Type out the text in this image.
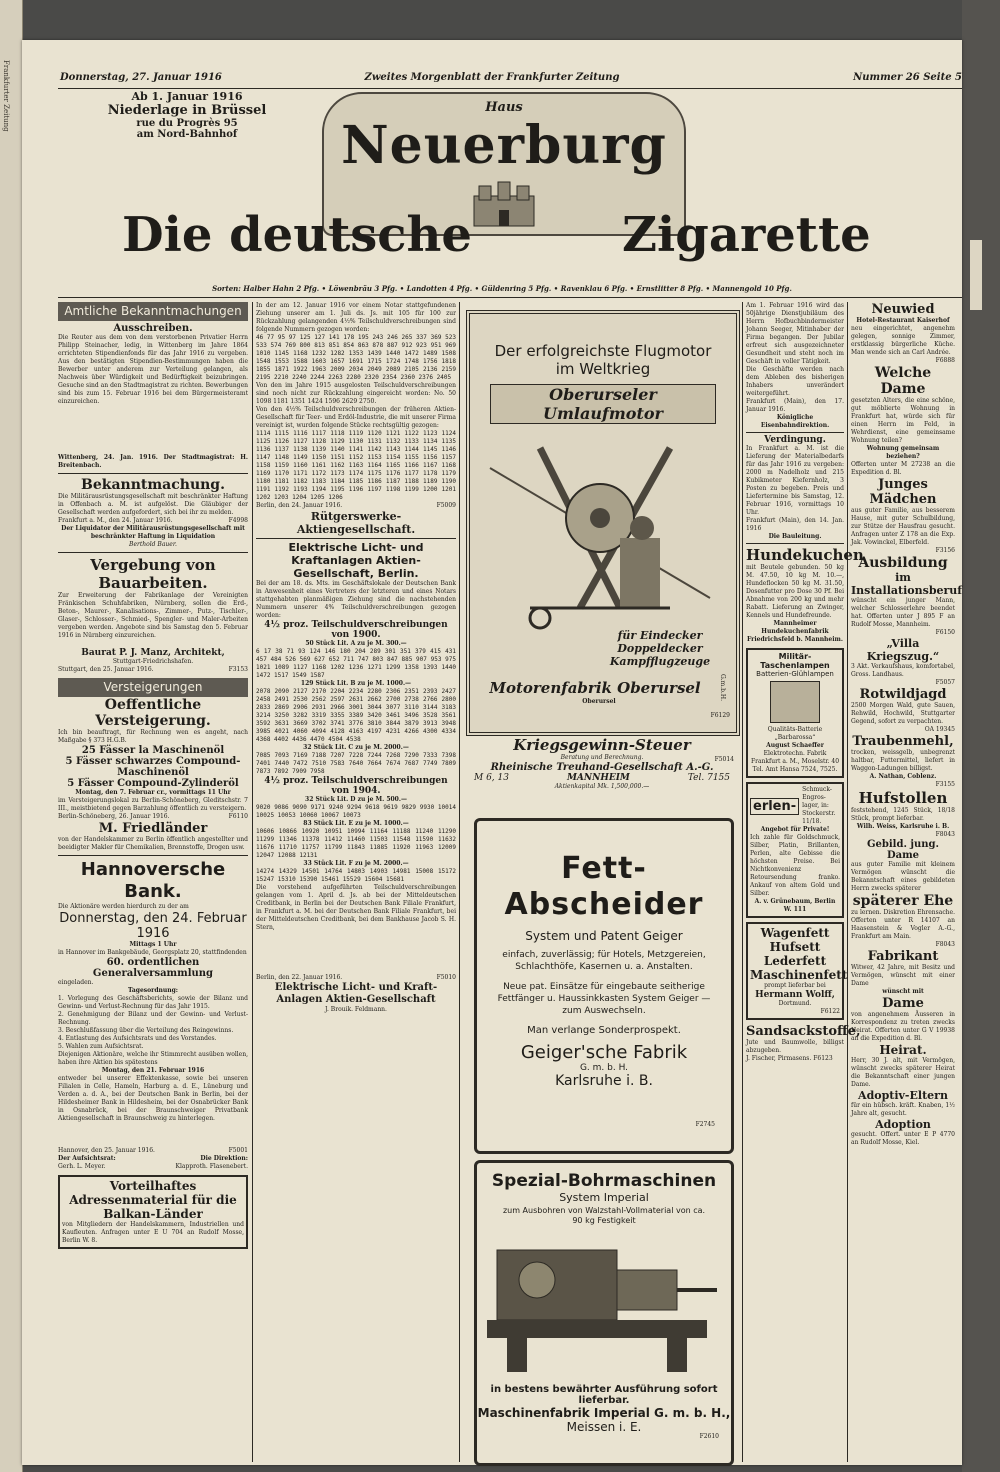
Frankfurter Zeitung	Donnerstag, 27. Januar 1916	Zweites Morgenblatt der Frankfurter Zeitung	Nummer 26 Seite 5
Ab 1. Januar 1916
Niederlage in Brüssel
rue du Progrès 95
am Nord-Bahnhof
Haus
Neuerburg
Die deutsche	Zigarette
Sorten: Halber Hahn 2 Pfg. • Löwenbräu 3 Pfg. • Landotten 4 Pfg. • Güldenring 5 Pfg. • Ravenklau 6 Pfg. • Ernstlitter 8 Pfg. • Mannengold 10 Pfg.
Amtliche Bekanntmachungen
Ausschreiben.
Die Reuter aus dem von dem verstorbenen Privatier Herrn Philipp Steinacher, ledig, in Wittenberg im Jahre 1864 errichteten Stipendienfonds für das Jahr 1916 zu vergeben. Aus den bestätigten Stipendien-Bestimmungen haben die Bewerber unter anderem zur Verteilung gelangen, als Nachweis über Würdigkeit und Bedürftigkeit beizubringen. Gesuche sind an den Stadtmagistrat zu richten. Bewerbungen sind bis zum 15. Februar 1916 bei dem Bürgermeisteramt einzureichen.
Wittenberg, 24. Jan. 1916. Der Stadtmagistrat: H. Breitenbach.
Bekanntmachung.
Die Militärausrüstungsgesellschaft mit beschränkter Haftung in Offenbach a. M. ist aufgelöst. Die Gläubiger der Gesellschaft werden aufgefordert, sich bei ihr zu melden.
Frankfurt a. M., den 24. Januar 1916.	F4998
Der Liquidator der Militärausrüstungsgesellschaft mit beschränkter Haftung in Liquidation
Berthold Bauer.
Vergebung von Bauarbeiten.
Zur Erweiterung der Fabrikanlage der Vereinigten Fränkischen Schuhfabriken, Nürnberg, sollen die Erd-, Beton-, Maurer-, Kanalisations-, Zimmer-, Putz-, Tischler-, Glaser-, Schlosser-, Schmied-, Spengler- und Maler-Arbeiten vergeben werden. Angebote sind bis Samstag den 5. Februar 1916 in Nürnberg einzureichen.
Baurat P. J. Manz, Architekt,
Stuttgart-Friedrichshafen.
Stuttgart, den 25. Januar 1916.	F3153
Versteigerungen
Oeffentliche Versteigerung.
Ich bin beauftragt, für Rechnung wen es angeht, nach Maßgabe § 373 H.G.B.
25 Fässer la Maschinenöl
5 Fässer schwarzes Compound-Maschinenöl
5 Fässer Compound-Zylinderöl
Montag, den 7. Februar cr., vormittags 11 Uhr
im Versteigerungslokal zu Berlin-Schöneberg, Gleditschstr. 7 III., meistbietend gegen Barzahlung öffentlich zu versteigern.
Berlin-Schöneberg, 26. Januar 1916.	F6110
M. Friedländer
von der Handelskammer zu Berlin öffentlich angestellter und beeidigter Makler für Chemikalien, Brennstoffe, Drogen usw.
Hannoversche Bank.
Die Aktionäre werden hierdurch zu der am
Donnerstag, den 24. Februar 1916
Mittags 1 Uhr
in Hannover im Bankgebäude, Georgsplatz 20, stattfindenden
60. ordentlichen Generalversammlung
eingeladen.
Tagesordnung:
1. Vorlegung des Geschäftsberichts, sowie der Bilanz und Gewinn- und Verlust-Rechnung für das Jahr 1915.
2. Genehmigung der Bilanz und der Gewinn- und Verlust-Rechnung.
3. Beschlußfassung über die Verteilung des Reingewinns.
4. Entlastung des Aufsichtsrats und des Vorstandes.
5. Wahlen zum Aufsichtsrat.
Diejenigen Aktionäre, welche ihr Stimmrecht ausüben wollen, haben ihre Aktien bis spätestens
Montag, den 21. Februar 1916
entweder bei unserer Effektenkasse, sowie bei unseren Filialen in Celle, Hameln, Harburg a. d. E., Lüneburg und Verden a. d. A., bei der Deutschen Bank in Berlin, bei der Hildesheimer Bank in Hildesheim, bei der Osnabrücker Bank in Osnabrück, bei der Braunschweiger Privatbank Aktiengesellschaft in Braunschweig zu hinterlegen.
Hannover, den 25. Januar 1916.	F5001
Der Aufsichtsrat:	Die Direktion:
Gerh. L. Meyer.	Klapproth. Flasenebert.
Vorteilhaftes Adressenmaterial für die Balkan-Länder
von Mitgliedern der Handelskammern, Industriellen und Kaufleuten. Anfragen unter E U 704 an Rudolf Mosse, Berlin W. 8.
In der am 12. Januar 1916 vor einem Notar stattgefundenen Ziehung unserer am 1. Juli ds. Js. mit 105 für 100 zur Rückzahlung gelangenden 4½% Teilschuldverschreibungen sind folgende Nummern gezogen worden:
46 77 95 97 125 127 141 178 195 243 246 265 337 369 523 533 574 769 800 813 851 854 863 878 887 912 923 951 969 1010 1145 1168 1232 1282 1353 1439 1440 1472 1489 1508 1548 1553 1588 1603 1657 1691 1715 1724 1748 1756 1818 1855 1871 1922 1963 2009 2034 2049 2089 2105 2136 2159 2195 2210 2240 2244 2263 2280 2320 2354 2360 2376 2405
Von den im Jahre 1915 ausgelosten Teilschuldverschreibungen sind noch nicht zur Rückzahlung eingereicht worden: No. 50 1098 1181 1351 1424 1596 2629 2750.
Von den 4½% Teilschuldverschreibungen der früheren Aktien-Gesellschaft für Teer- und Erdöl-Industrie, die mit unserer Firma vereinigt ist, wurden folgende Stücke rechtsgültig gezogen:
1114 1115 1116 1117 1118 1119 1120 1121 1122 1123 1124 1125 1126 1127 1128 1129 1130 1131 1132 1133 1134 1135 1136 1137 1138 1139 1140 1141 1142 1143 1144 1145 1146 1147 1148 1149 1150 1151 1152 1153 1154 1155 1156 1157 1158 1159 1160 1161 1162 1163 1164 1165 1166 1167 1168 1169 1170 1171 1172 1173 1174 1175 1176 1177 1178 1179 1180 1181 1182 1183 1184 1185 1186 1187 1188 1189 1190 1191 1192 1193 1194 1195 1196 1197 1198 1199 1200 1201 1202 1203 1204 1205 1206
Berlin, den 24. Januar 1916.	F5009
Rütgerswerke-Aktiengesellschaft.
Elektrische Licht- und Kraftanlagen Aktien-Gesellschaft, Berlin.
Bei der am 18. ds. Mts. im Geschäftslokale der Deutschen Bank in Anwesenheit eines Vertreters der letzteren und eines Notars stattgehabten planmäßigen Ziehung sind die nachstehenden Nummern unserer 4% Teilschuldverschreibungen gezogen worden:
4½ proz. Teilschuldverschreibungen von 1900.
50 Stück Lit. A zu je M. 300.—
6 17 38 71 93 124 146 180 204 289 301 351 379 415 431 457 484 526 569 627 652 711 747 803 847 885 907 953 975 1021 1089 1127 1168 1202 1236 1271 1299 1358 1393 1440 1472 1517 1549 1587
129 Stück Lit. B zu je M. 1000.—
2078 2090 2127 2170 2204 2234 2280 2306 2351 2393 2427 2458 2491 2530 2562 2597 2631 2662 2700 2738 2766 2800 2833 2869 2906 2931 2966 3001 3044 3077 3110 3144 3183 3214 3250 3282 3319 3355 3389 3420 3461 3496 3528 3561 3592 3631 3669 3702 3741 3776 3810 3844 3879 3913 3948 3985 4021 4060 4094 4128 4163 4197 4231 4266 4300 4334 4368 4402 4436 4470 4504 4538
32 Stück Lit. C zu je M. 2000.—
7085 7093 7169 7188 7207 7228 7244 7268 7290 7333 7398 7401 7440 7472 7510 7583 7640 7664 7674 7687 7749 7809 7873 7892 7909 7958
4½ proz. Teilschuldverschreibungen von 1904.
32 Stück Lit. D zu je M. 500.—
9020 9086 9090 9171 9240 9294 9618 9619 9829 9930 10014 10025 10053 10060 10067 10073
83 Stück Lit. E zu je M. 1000.—
10606 10866 10920 10951 10994 11164 11188 11240 11290 11299 11346 11378 11412 11460 11503 11548 11590 11632 11676 11710 11757 11799 11843 11885 11920 11963 12009 12047 12088 12131
33 Stück Lit. F zu je M. 2000.—
14274 14329 14501 14764 14803 14903 14981 15008 15172 15247 15310 15390 15461 15529 15604 15681
Die vorstehend aufgeführten Teilschuldverschreibungen gelangen vom 1. April d. Js. ab bei der Mitteldeutschen Creditbank, in Berlin bei der Deutschen Bank Filiale Frankfurt, in Frankfurt a. M. bei der Deutschen Bank Filiale Frankfurt, bei der Mitteldeutschen Creditbank, bei dem Bankhause Jacob S. H. Stern,
Berlin, den 22. Januar 1916.	F5010
Elektrische Licht- und Kraft-Anlagen Aktien-Gesellschaft
J. Brouik. Feldmann.
Der erfolgreichste Flugmotor
im Weltkrieg
Oberurseler Umlaufmotor
für Eindecker
Doppeldecker
Kampfflugzeuge
Motorenfabrik Oberursel	G.m.b.H.
Oberursel
F6129
Kriegsgewinn-Steuer
Beratung und Berechnung.	F5014
Rheinische Treuhand-Gesellschaft A.-G.
M 6, 13	MANNHEIM	Tel. 7155
Aktienkapital Mk. 1,500,000.—
Fett-Abscheider
System und Patent Geiger
einfach, zuverlässig; für Hotels, Metzgereien, Schlachthöfe, Kasernen u. a. Anstalten.
Neue pat. Einsätze für eingebaute seitherige Fettfänger u. Haussinkkasten System Geiger — zum Auswechseln.
Man verlange Sonderprospekt.
Geiger'sche Fabrik
G. m. b. H.
Karlsruhe i. B.
F2745
Spezial-Bohrmaschinen
System Imperial
zum Ausbohren von Walzstahl-Vollmaterial von ca. 90 kg Festigkeit
in bestens bewährter Ausführung sofort lieferbar.
Maschinenfabrik Imperial G. m. b. H.,
Meissen i. E.
F2610
Am 1. Februar 1916 wird das 50jährige Dienstjubiläum des Herrn Hofbuchbindermeister Johann Seeger, Mitinhaber der Firma begangen. Der Jubilar erfreut sich ausgezeichneter Gesundheit und steht noch im Geschäft in voller Tätigkeit.
Die Geschäfte werden nach dem Ableben des bisherigen Inhabers unverändert weitergeführt.
Frankfurt (Main), den 17. Januar 1916.
Königliche Eisenbahndirektion.
Verdingung.
In Frankfurt a. M. ist die Lieferung der Materialbedarfs für das Jahr 1916 zu vergeben: 2000 m Nadelholz und 215 Kubikmeter Kiefernholz, 3 Posten zu begeben. Preis und Liefertermine bis Samstag, 12. Februar 1916, vormittags 10 Uhr.
Frankfurt (Main), den 14. Jan. 1916
Die Bauleitung.
Hundekuchen
mit Beutele gebunden. 50 kg M. 47.50, 10 kg M. 10.—, Hundeflocken 50 kg M. 31.50, Dosenfutter pro Dose 30 Pf. Bei Abnahme von 200 kg und mehr Rabatt. Lieferung an Zwinger, Kennels und Hundefreunde.
Mannheimer Hundekuchenfabrik Friedrichsfeld b. Mannheim.
Militär-Taschenlampen
Batterien-Glühlampen
Qualitäts-Batterie „Barbarossa“
August Schaeffer
Elektrotechn. Fabrik Frankfurt a. M., Moselstr. 40
Tel. Amt Hansa 7524, 7525.
erlen-
Schmuck-Engros-lager, in: Stockerstr. 11/18.
Angebot für Private!
Ich zahle für Goldschmuck, Silber, Platin, Brillanten, Perlen, alte Gebisse die höchsten Preise. Bei Nichtkonvenienz Retoursendung franko. Ankauf von altem Gold und Silber.
A. v. Grünebaum, Berlin W. 111
Wagenfett
Hufsett
Lederfett
Maschinenfett
prompt lieferbar bei
Hermann Wolff,
Dortmund.
F6122
Sandsackstoffe,
Jute und Baumwolle, billigst abzugeben.
J. Fischer, Pirmasens. F6123
Neuwied
Hotel-Restaurant Kaiserhof
neu eingerichtet, angenehm gelegen, sonnige Zimmer, erstklassig bürgerliche Küche. Man wende sich an Carl Andrée.
F6888
Welche Dame
gesetzten Alters, die eine schöne, gut möblierte Wohnung in Frankfurt hat, würde sich für einen Herrn im Feld, in Wehrdienst, eine gemeinsame Wohnung teilen?
Wohnung gemeinsam beziehen?
Offerten unter M 27238 an die Expedition d. Bl.
Junges Mädchen
aus guter Familie, aus besserem Hause, mit guter Schulbildung, zur Stütze der Hausfrau gesucht. Anfragen unter Z 178 an die Exp. Jak. Vowinckel, Elberfeld.
F3156
Ausbildung
im Installationsberuf
wünscht ein junger Mann, welcher Schlosserlehre beendet hat. Offerten unter J 895 F an Rudolf Mosse, Mannheim.
F6150
„Villa Kriegszug.“
3 Akt. Verkaufshaus, komfortabel, Gross. Landhaus.
F5057
Rotwildjagd
2500 Morgen Wald, gute Sauen, Rehwild, Hochwild, Stuttgarter Gegend, sofort zu verpachten.
OA 19345
Traubenmehl,
trocken, weissgelb, unbegrenzt haltbar, Futtermittel, liefert in Waggon-Ladungen billigst.
A. Nathan, Coblenz.
F3155
Hufstollen
feststehend, 1245 Stück, 18/18 Stück, prompt lieferbar.
Wilh. Weiss, Karlsruhe i. B.
F8043
Gebild. jung. Dame
aus guter Familie mit kleinem Vermögen wünscht die Bekanntschaft eines gebildeten Herrn zwecks späterer
späterer Ehe
zu lernen. Diskretion Ehrensache. Offerten unter R 14107 an Haasenstein & Vogler A.-G., Frankfurt am Main.
F8043
Fabrikant
Witwer, 42 Jahre, mit Besitz und Vermögen, wünscht mit einer Dame
wünscht mit
Dame
von angenehmem Äusseren in Korrespondenz zu treten zwecks Heirat. Offerten unter G V 19938 an die Expedition d. Bl.
Heirat.
Herr, 30 J. alt, mit Vermögen, wünscht zwecks späterer Heirat die Bekanntschaft einer jungen Dame.
Adoptiv-Eltern
für ein hübsch. kräft. Knaben, 1½ Jahre alt, gesucht.
Adoption
gesucht. Offert. unter E P 4770 an Rudolf Mosse, Kiel.
